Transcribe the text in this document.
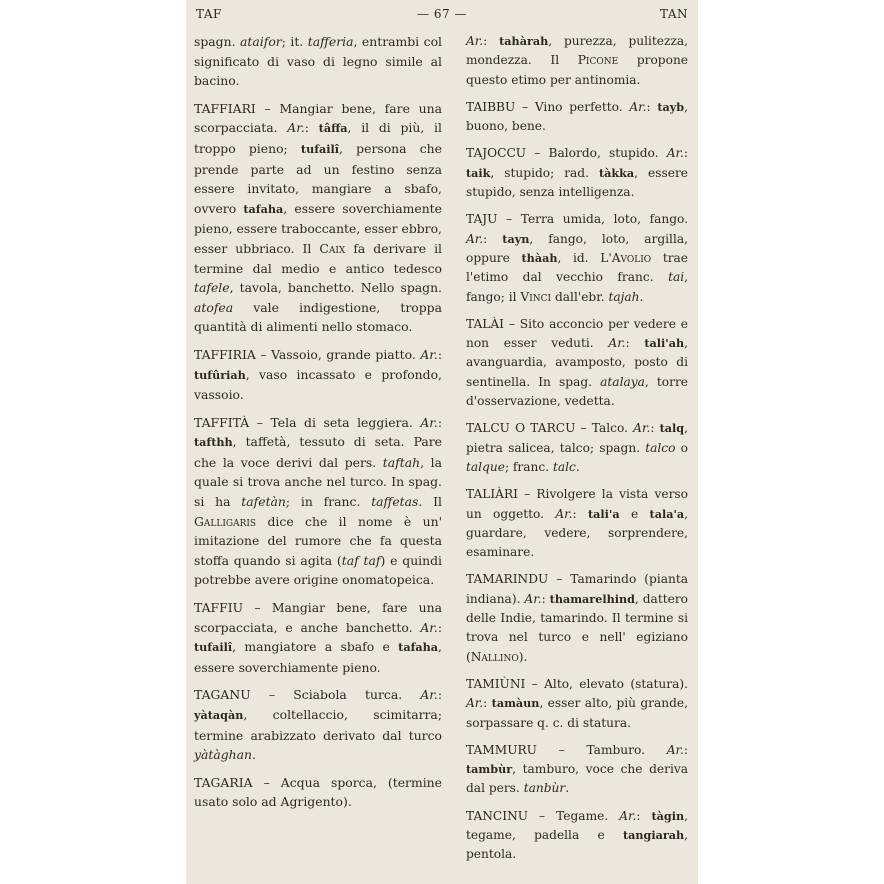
TAF	— 67 —	TAN

spagn. ataifor; it. tafferia, entrambi col significato di vaso di legno simile al bacino.

TAFFIARI – Mangiar bene, fare una scorpacciata. Ar.: tâffa, il di più, il troppo pieno; tufailî, persona che prende parte ad un festino senza essere invitato, mangiare a sbafo, ovvero tafaha, essere soverchiamente pieno, essere traboccante, esser ebbro, esser ubbriaco. Il Caix fa derivare il termine dal medio e antico tedesco tafele, tavola, banchetto. Nello spagn. atofea vale indigestione, troppa quantità di alimenti nello stomaco.

TAFFIRIA – Vassoio, grande piatto. Ar.: tufûriah, vaso incassato e profondo, vassoio.

TAFFITÀ – Tela di seta leggiera. Ar.: tafthh, taffetà, tessuto di seta. Pare che la voce derivi dal pers. taftah, la quale si trova anche nel turco. In spag. si ha tafetàn; in franc. taffetas. Il Galligaris dice che il nome è un' imitazione del rumore che fa questa stoffa quando si agita (taf taf) e quindi potrebbe avere origine onomatopeica.

TAFFIU – Mangiar bene, fare una scorpacciata, e anche banchetto. Ar.: tufailî, mangiatore a sbafo e tafaha, essere soverchiamente pieno.

TAGANU – Sciabola turca. Ar.: yàtaqàn, coltellaccio, scimitarra; termine arabizzato derivato dal turco yàtàghan.

TAGARIA – Acqua sporca, (termine usato solo ad Agrigento).

Ar.: tahàrah, purezza, pulitezza, mondezza. Il Picone propone questo etimo per antinomia.

TAIBBU – Vino perfetto. Ar.: tayb, buono, bene.

TAJOCCU – Balordo, stupido. Ar.: taik, stupido; rad. tàkka, essere stupido, senza intelligenza.

TAJU – Terra umida, loto, fango. Ar.: tayn, fango, loto, argilla, oppure thàah, id. L'Avolio trae l'etimo dal vecchio franc. tai, fango; il Vinci dall'ebr. tajah.

TALÀI – Sito acconcio per vedere e non esser veduti. Ar.: tali'ah, avanguardia, avamposto, posto di sentinella. In spag. atalaya, torre d'osservazione, vedetta.

TALCU O TARCU – Talco. Ar.: talq, pietra salicea, talco; spagn. talco o talque; franc. talc.

TALIÀRI – Rivolgere la vista verso un oggetto. Ar.: tali'a e tala'a, guardare, vedere, sorprendere, esaminare.

TAMARINDU – Tamarindo (pianta indiana). Ar.: thamarelhind, dattero delle Indie, tamarindo. Il termine si trova nel turco e nell' egiziano (Nallino).

TAMIÙNI – Alto, elevato (statura). Ar.: tamàun, esser alto, più grande, sorpassare q. c. di statura.

TAMMURU – Tamburo. Ar.: tambùr, tamburo, voce che deriva dal pers. tanbùr.

TANCINU – Tegame. Ar.: tàgin, tegame, padella e tangiarah, pentola.
